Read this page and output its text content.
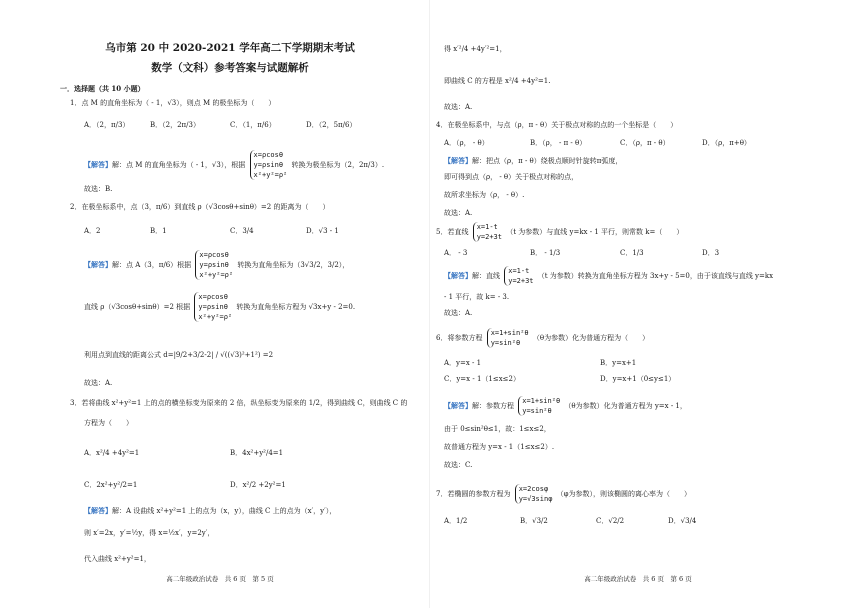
乌市第 20 中 2020-2021 学年高二下学期期末考试
数学（文科）参考答案与试题解析
一．选择题（共 10 小题）
1．点 M 的直角坐标为（ - 1，√3），则点 M 的极坐标为（　　）
A．（2，π/3）	B．（2，2π/3）	C．（1，π/6）	D．（2，5π/6）
【解答】解：点 M 的直角坐标为（ - 1，√3），根据
x=ρcosθ
y=ρsinθ
x²+y²=ρ²
转换为极坐标为（2，2π/3）.
故选：B.
2．在极坐标系中，点（3，π/6）到直线 ρ（√3cosθ+sinθ）=2 的距离为（　　）
A．2	B．1	C．3/4	D．√3 - 1
【解答】解：点 A（3，π/6）根据
x=ρcosθ
y=ρsinθ
x²+y²=ρ²
转换为直角坐标为（3√3/2，3/2），
直线 ρ（√3cosθ+sinθ）=2 根据
x=ρcosθ
y=ρsinθ
x²+y²=ρ²
转换为直角坐标方程为 √3x+y - 2=0.
利用点到直线的距离公式 d=|9/2+3/2-2| / √((√3)²+1²) =2
故选：A.
3．若将曲线 x²+y²=1 上的点的横坐标变为原来的 2 倍，纵坐标变为原来的 1/2，得到曲线 C，则曲线 C 的
方程为（　　）
A．x²/4 +4y²=1	B．4x²+y²/4=1
C．2x²+y²/2=1	D．x²/2 +2y²=1
【解答】解：A 设曲线 x²+y²=1 上的点为（x，y），曲线 C 上的点为（x′，y′），
则 x′=2x，y′=½y，得 x=½x′，y=2y′，
代入曲线 x²+y²=1，
高二年级政治试卷　共 6 页　第 5 页
得 x′²/4 +4y′²=1，
即曲线 C 的方程是 x²/4 +4y²=1.
故选：A.
4．在极坐标系中，与点（ρ，π - θ）关于极点对称的点的一个坐标是（　　）
A．（ρ， - θ）	B．（ρ， - π - θ）	C．（ρ，π - θ）	D．（ρ，π+θ）
【解答】解：把点（ρ，π - θ）绕极点顺时针旋转π弧度，
即可得到点（ρ， - θ）关于极点对称的点，
故所求坐标为（ρ， - θ）.
故选：A.
5．若直线
x=1-t
y=2+3t
（t 为参数）与直线 y=kx - 1 平行，则常数 k=（　　）
A． - 3	B． - 1/3	C．1/3	D．3
【解答】解：直线
x=1-t
y=2+3t
（t 为参数）转换为直角坐标方程为 3x+y - 5=0，由于该直线与直线 y=kx
- 1 平行，故 k= - 3.
故选：A.
6．将参数方程
x=1+sin²θ
y=sin²θ
（θ为参数）化为普通方程为（　　）
A．y=x - 1	B．y=x+1
C．y=x - 1（1≤x≤2）	D．y=x+1（0≤y≤1）
【解答】解：参数方程
x=1+sin²θ
y=sin²θ
（θ为参数）化为普通方程为 y=x - 1，
由于 0≤sin²θ≤1，故：1≤x≤2，
故普通方程为 y=x - 1（1≤x≤2）.
故选：C.
7．若椭圆的参数方程为
x=2cosφ
y=√3sinφ
（φ为参数），则该椭圆的离心率为（　　）
A．1/2	B．√3/2	C．√2/2	D．√3/4
高二年级政治试卷　共 6 页　第 6 页
